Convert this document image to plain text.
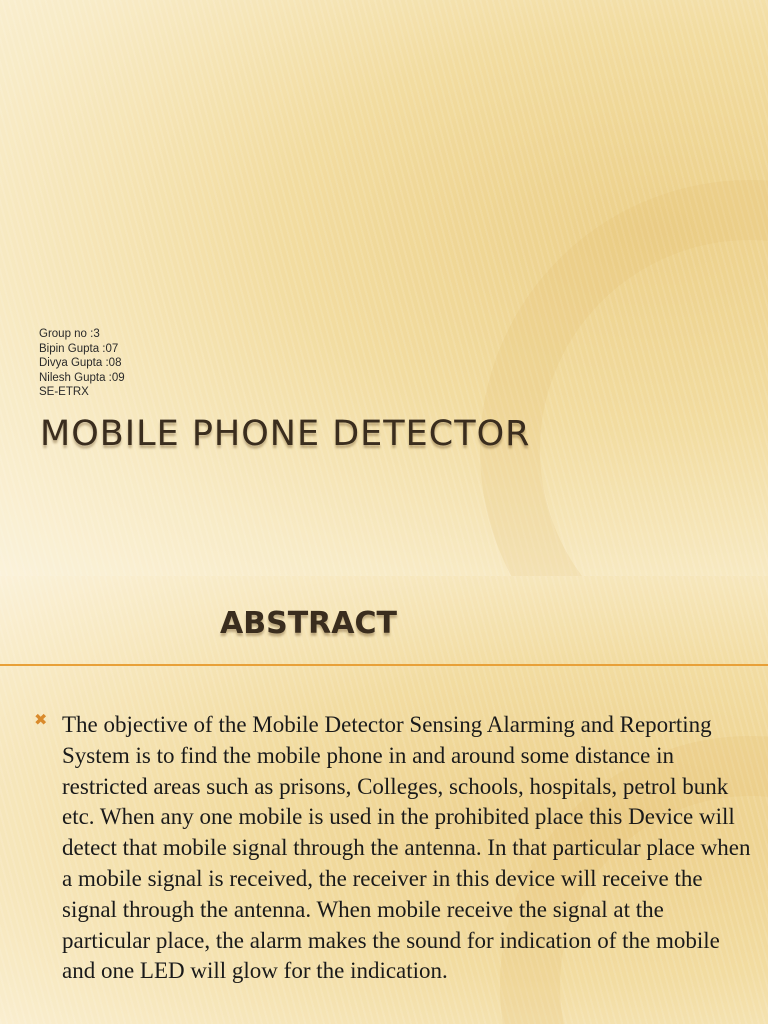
Group no :3
Bipin Gupta :07
Divya Gupta :08
Nilesh Gupta :09
SE-ETRX
MOBILE PHONE DETECTOR
ABSTRACT
✖ The objective of the Mobile Detector Sensing Alarming and Reporting System is to find the mobile phone in and around some distance in restricted areas such as prisons, Colleges, schools, hospitals, petrol bunk etc. When any one mobile is used in the prohibited place this Device will detect that mobile signal through the antenna. In that particular place when a mobile signal is received, the receiver in this device will receive the signal through the antenna. When mobile receive the signal at the particular place, the alarm makes the sound for indication of the mobile and one LED will glow for the indication.
